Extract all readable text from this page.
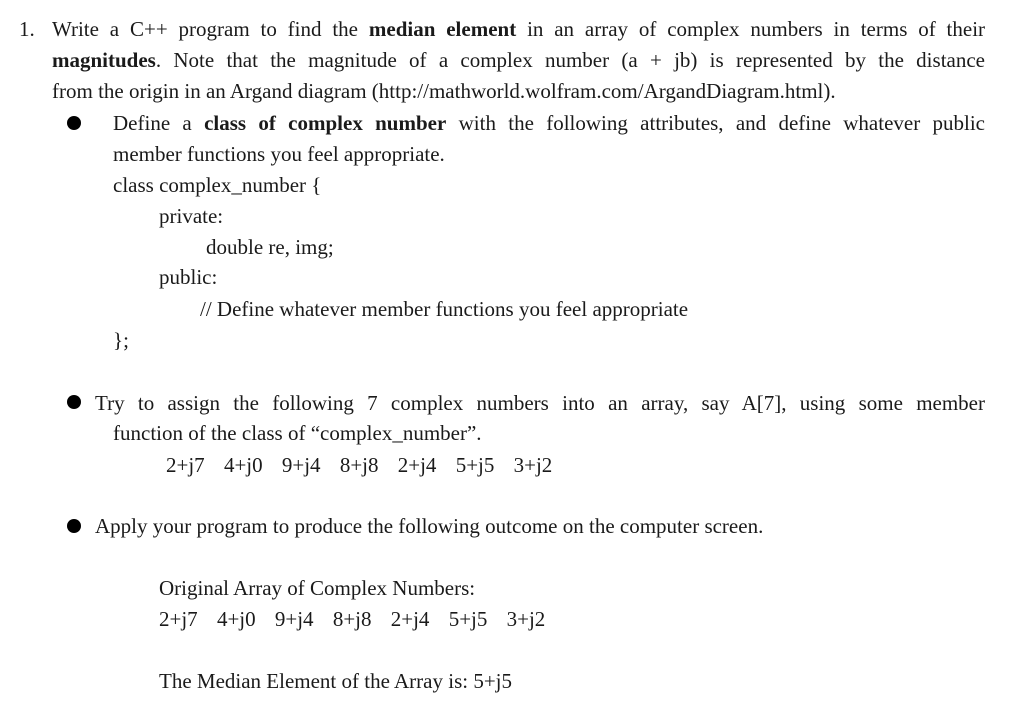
1. Write a C++ program to find the median element in an array of complex numbers in terms of their
magnitudes. Note that the magnitude of a complex number (a + jb) is represented by the distance
from the origin in an Argand diagram (http://mathworld.wolfram.com/ArgandDiagram.html).
Define a class of complex number with the following attributes, and define whatever public
member functions you feel appropriate.
class complex_number {
private:
double re, img;
public:
// Define whatever member functions you feel appropriate
};
Try to assign the following 7 complex numbers into an array, say A[7], using some member
function of the class of “complex_number”.
2+j7 4+j0 9+j4 8+j8 2+j4 5+j5 3+j2
Apply your program to produce the following outcome on the computer screen.
Original Array of Complex Numbers:
2+j7 4+j0 9+j4 8+j8 2+j4 5+j5 3+j2
The Median Element of the Array is: 5+j5
